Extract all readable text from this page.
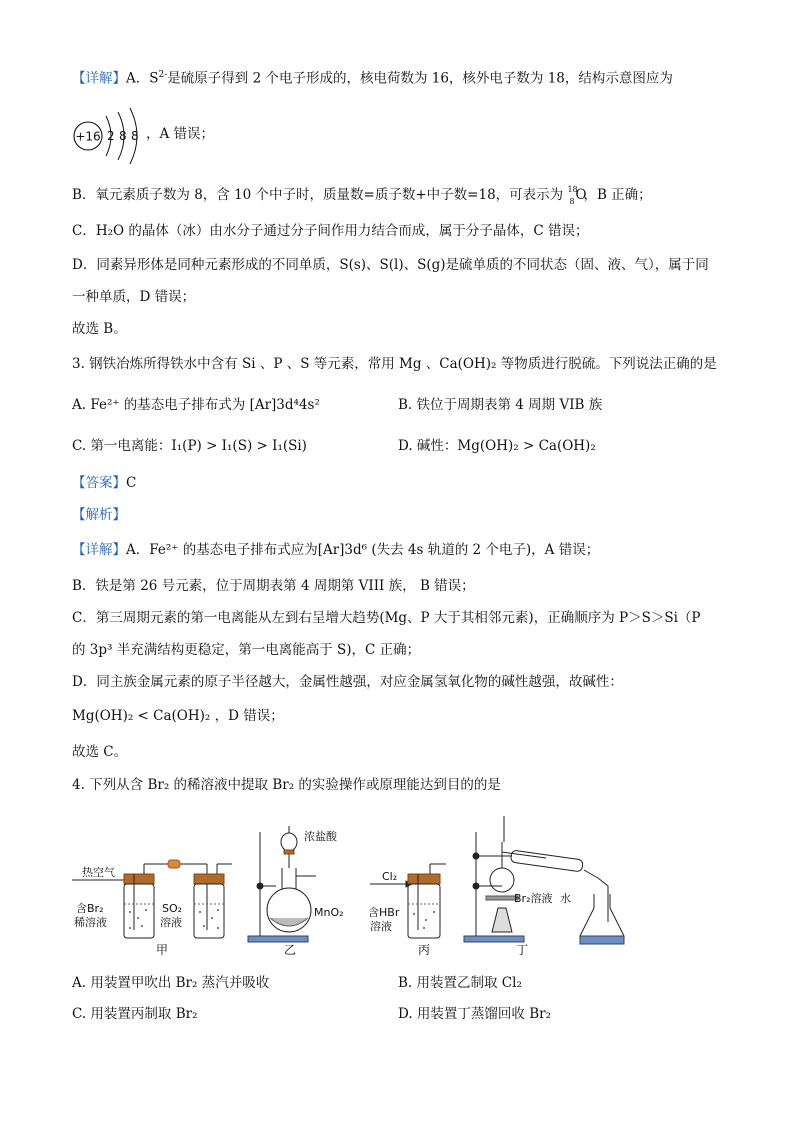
【详解】A．$S^{2-}$是硫原子得到 2 个电子形成的，核电荷数为 16，核外电子数为 18，结构示意图应为
+16 2 8 8 ，A 错误；
B．氧元素质子数为 8，含 10 个中子时，质量数=质子数+中子数=18，可表示为 18
8 O
，B 正确；
C．H₂O 的晶体（冰）由水分子通过分子间作用力结合而成，属于分子晶体，C 错误；
D．同素异形体是同种元素形成的不同单质，S(s)、S(l)、S(g)是硫单质的不同状态（固、液、气），属于同
一种单质，D 错误；
故选 B。
3. 钢铁冶炼所得铁水中含有 Si 、P 、S 等元素，常用 Mg 、Ca(OH)₂ 等物质进行脱硫。下列说法正确的是
A. Fe²⁺ 的基态电子排布式为 [Ar]3d⁴4s²	B. 铁位于周期表第 4 周期 VIB 族
C. 第一电离能：I₁(P) > I₁(S) > I₁(Si)	D. 碱性：Mg(OH)₂ > Ca(OH)₂
【答案】C
【解析】
【详解】A．Fe²⁺ 的基态电子排布式应为[Ar]3d⁶ (失去 4s 轨道的 2 个电子)，A 错误；
B．铁是第 26 号元素，位于周期表第 4 周期第 VIII 族， B 错误；
C．第三周期元素的第一电离能从左到右呈增大趋势(Mg、P 大于其相邻元素)，正确顺序为 P＞S＞Si（P
的 3p³ 半充满结构更稳定，第一电离能高于 S)，C 正确；
D．同主族金属元素的原子半径越大，金属性越强，对应金属氢氧化物的碱性越强，故碱性：
Mg(OH)₂ < Ca(OH)₂ ，D 错误；
故选 C。
4. 下列从含 Br₂ 的稀溶液中提取 Br₂ 的实验操作或原理能达到目的的是
热空气
含Br₂
稀溶液
SO₂
溶液
甲
浓盐酸
MnO₂
乙
Cl₂
含HBr
溶液
丙
Br₂溶液 水
丁
A. 用装置甲吹出 Br₂ 蒸汽并吸收	B. 用装置乙制取 Cl₂
C. 用装置丙制取 Br₂	D. 用装置丁蒸馏回收 Br₂
